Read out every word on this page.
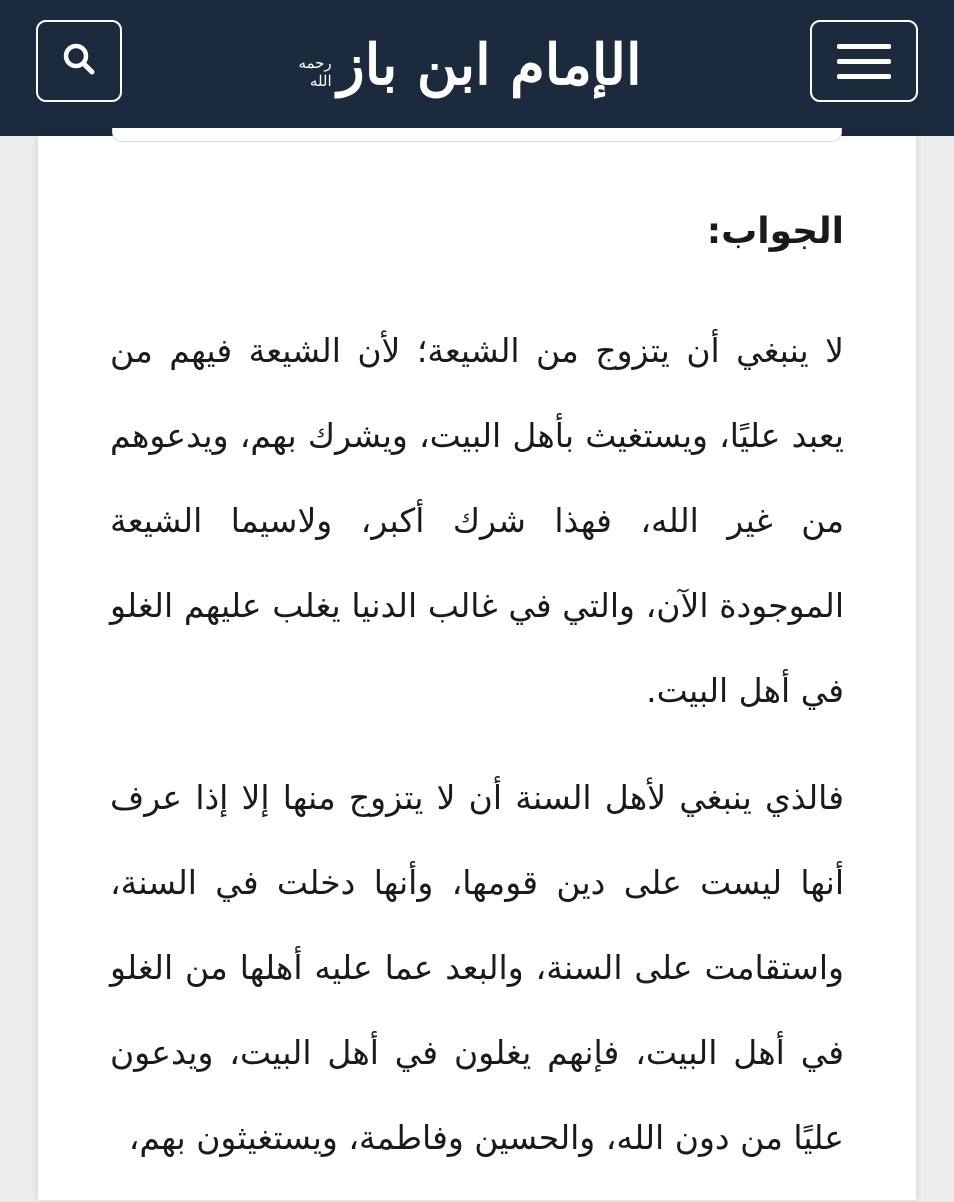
الإمام ابن باز
رحمه الله
الجواب:

لا ينبغي أن يتزوج من الشيعة؛ لأن الشيعة فيهم من يعبد عليًا، ويستغيث بأهل البيت، ويشرك بهم، ويدعوهم من غير الله، فهذا شرك أكبر، ولاسيما الشيعة الموجودة الآن، والتي في غالب الدنيا يغلب عليهم الغلو في أهل البيت.

فالذي ينبغي لأهل السنة أن لا يتزوج منها إلا إذا عرف أنها ليست على دين قومها، وأنها دخلت في السنة، واستقامت على السنة، والبعد عما عليه أهلها من الغلو في أهل البيت، فإنهم يغلون في أهل البيت، ويدعون عليًا من دون الله، والحسين وفاطمة، ويستغيثون بهم،
